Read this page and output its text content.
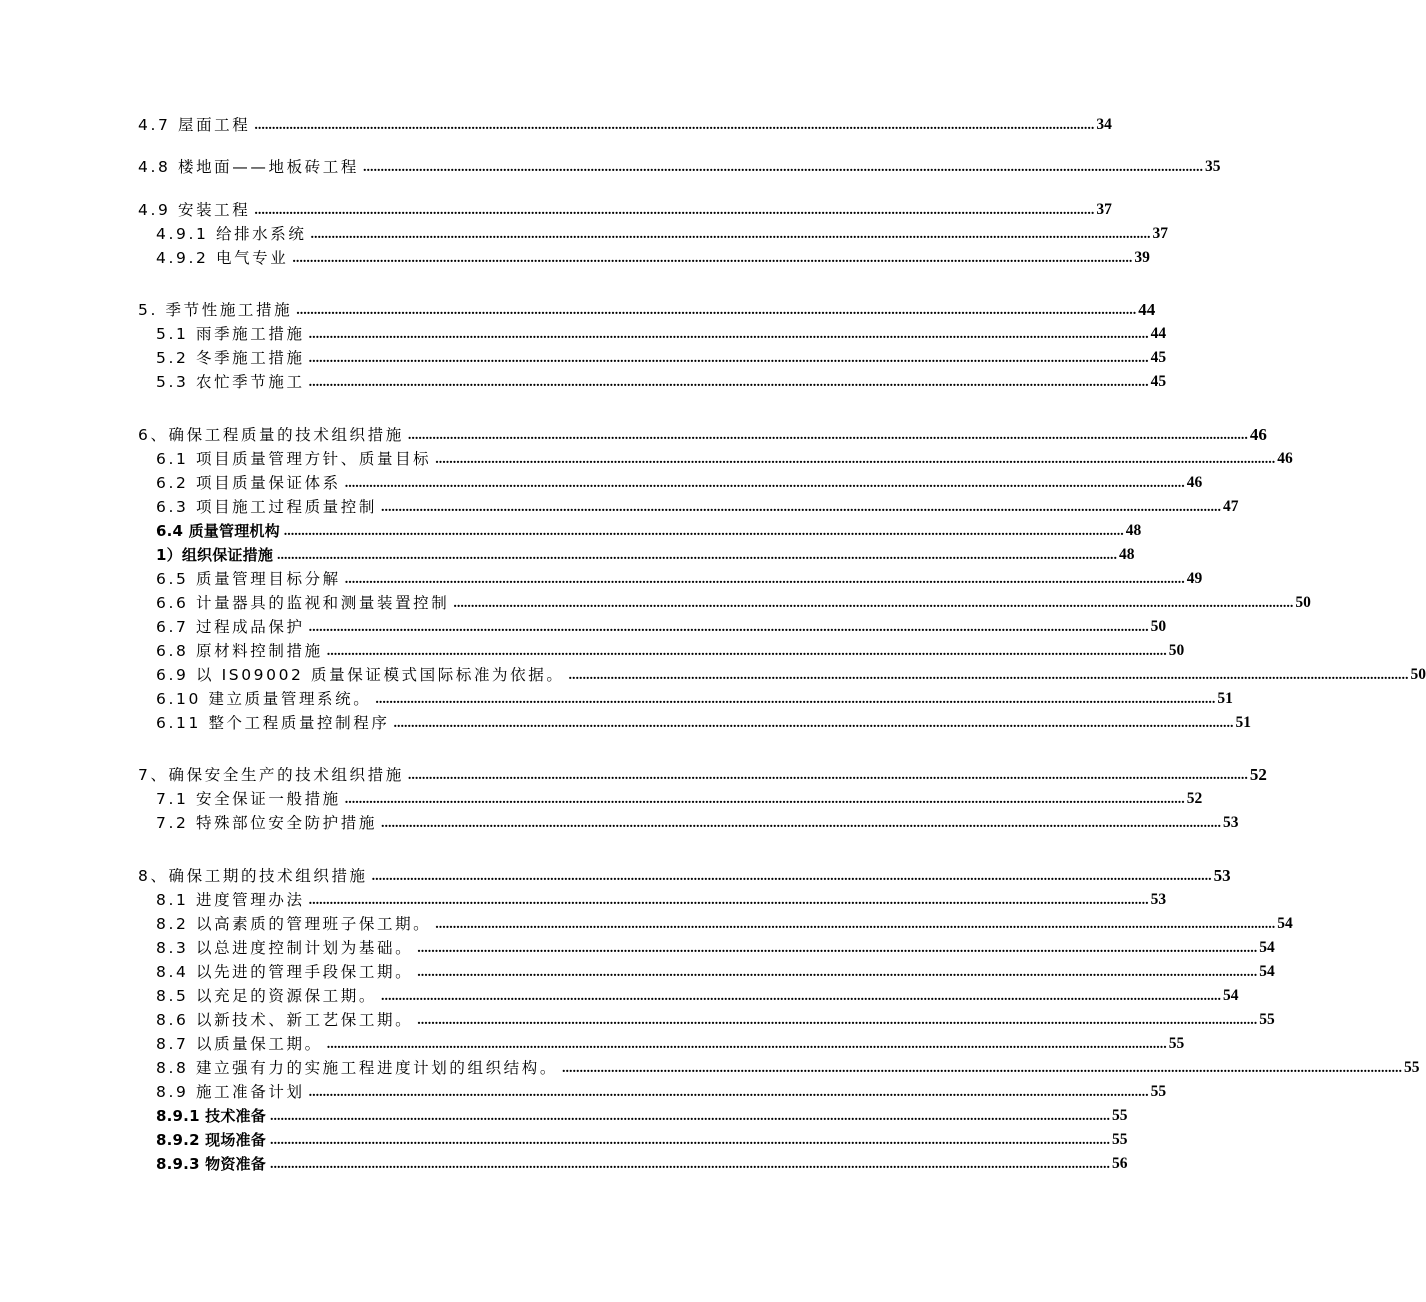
4.7 屋面工程 ................................................................................................................................................................................................................................................ 34
4.8 楼地面——地板砖工程 ................................................................................................................................................................................................................................................ 35
4.9 安装工程 ................................................................................................................................................................................................................................................ 37
4.9.1 给排水系统 ................................................................................................................................................................................................................................................ 37
4.9.2 电气专业 ................................................................................................................................................................................................................................................ 39
5. 季节性施工措施 ................................................................................................................................................................................................................................................ 44
5.1 雨季施工措施 ................................................................................................................................................................................................................................................ 44
5.2 冬季施工措施 ................................................................................................................................................................................................................................................ 45
5.3 农忙季节施工 ................................................................................................................................................................................................................................................ 45
6、确保工程质量的技术组织措施 ................................................................................................................................................................................................................................................ 46
6.1 项目质量管理方针、质量目标 ................................................................................................................................................................................................................................................ 46
6.2 项目质量保证体系 ................................................................................................................................................................................................................................................ 46
6.3 项目施工过程质量控制 ................................................................................................................................................................................................................................................ 47
6.4 质量管理机构 ................................................................................................................................................................................................................................................ 48
1）组织保证措施 ................................................................................................................................................................................................................................................ 48
6.5 质量管理目标分解 ................................................................................................................................................................................................................................................ 49
6.6 计量器具的监视和测量装置控制 ................................................................................................................................................................................................................................................ 50
6.7 过程成品保护 ................................................................................................................................................................................................................................................ 50
6.8 原材料控制措施 ................................................................................................................................................................................................................................................ 50
6.9 以 IS09002 质量保证模式国际标准为依据。 ................................................................................................................................................................................................................................................ 50
6.10 建立质量管理系统。 ................................................................................................................................................................................................................................................ 51
6.11 整个工程质量控制程序 ................................................................................................................................................................................................................................................ 51
7、确保安全生产的技术组织措施 ................................................................................................................................................................................................................................................ 52
7.1 安全保证一般措施 ................................................................................................................................................................................................................................................ 52
7.2 特殊部位安全防护措施 ................................................................................................................................................................................................................................................ 53
8、确保工期的技术组织措施 ................................................................................................................................................................................................................................................ 53
8.1 进度管理办法 ................................................................................................................................................................................................................................................ 53
8.2 以高素质的管理班子保工期。 ................................................................................................................................................................................................................................................ 54
8.3 以总进度控制计划为基础。 ................................................................................................................................................................................................................................................ 54
8.4 以先进的管理手段保工期。 ................................................................................................................................................................................................................................................ 54
8.5 以充足的资源保工期。 ................................................................................................................................................................................................................................................ 54
8.6 以新技术、新工艺保工期。 ................................................................................................................................................................................................................................................ 55
8.7 以质量保工期。 ................................................................................................................................................................................................................................................ 55
8.8 建立强有力的实施工程进度计划的组织结构。 ................................................................................................................................................................................................................................................ 55
8.9 施工准备计划 ................................................................................................................................................................................................................................................ 55
8.9.1 技术准备 ................................................................................................................................................................................................................................................ 55
8.9.2 现场准备 ................................................................................................................................................................................................................................................ 55
8.9.3 物资准备 ................................................................................................................................................................................................................................................ 56
